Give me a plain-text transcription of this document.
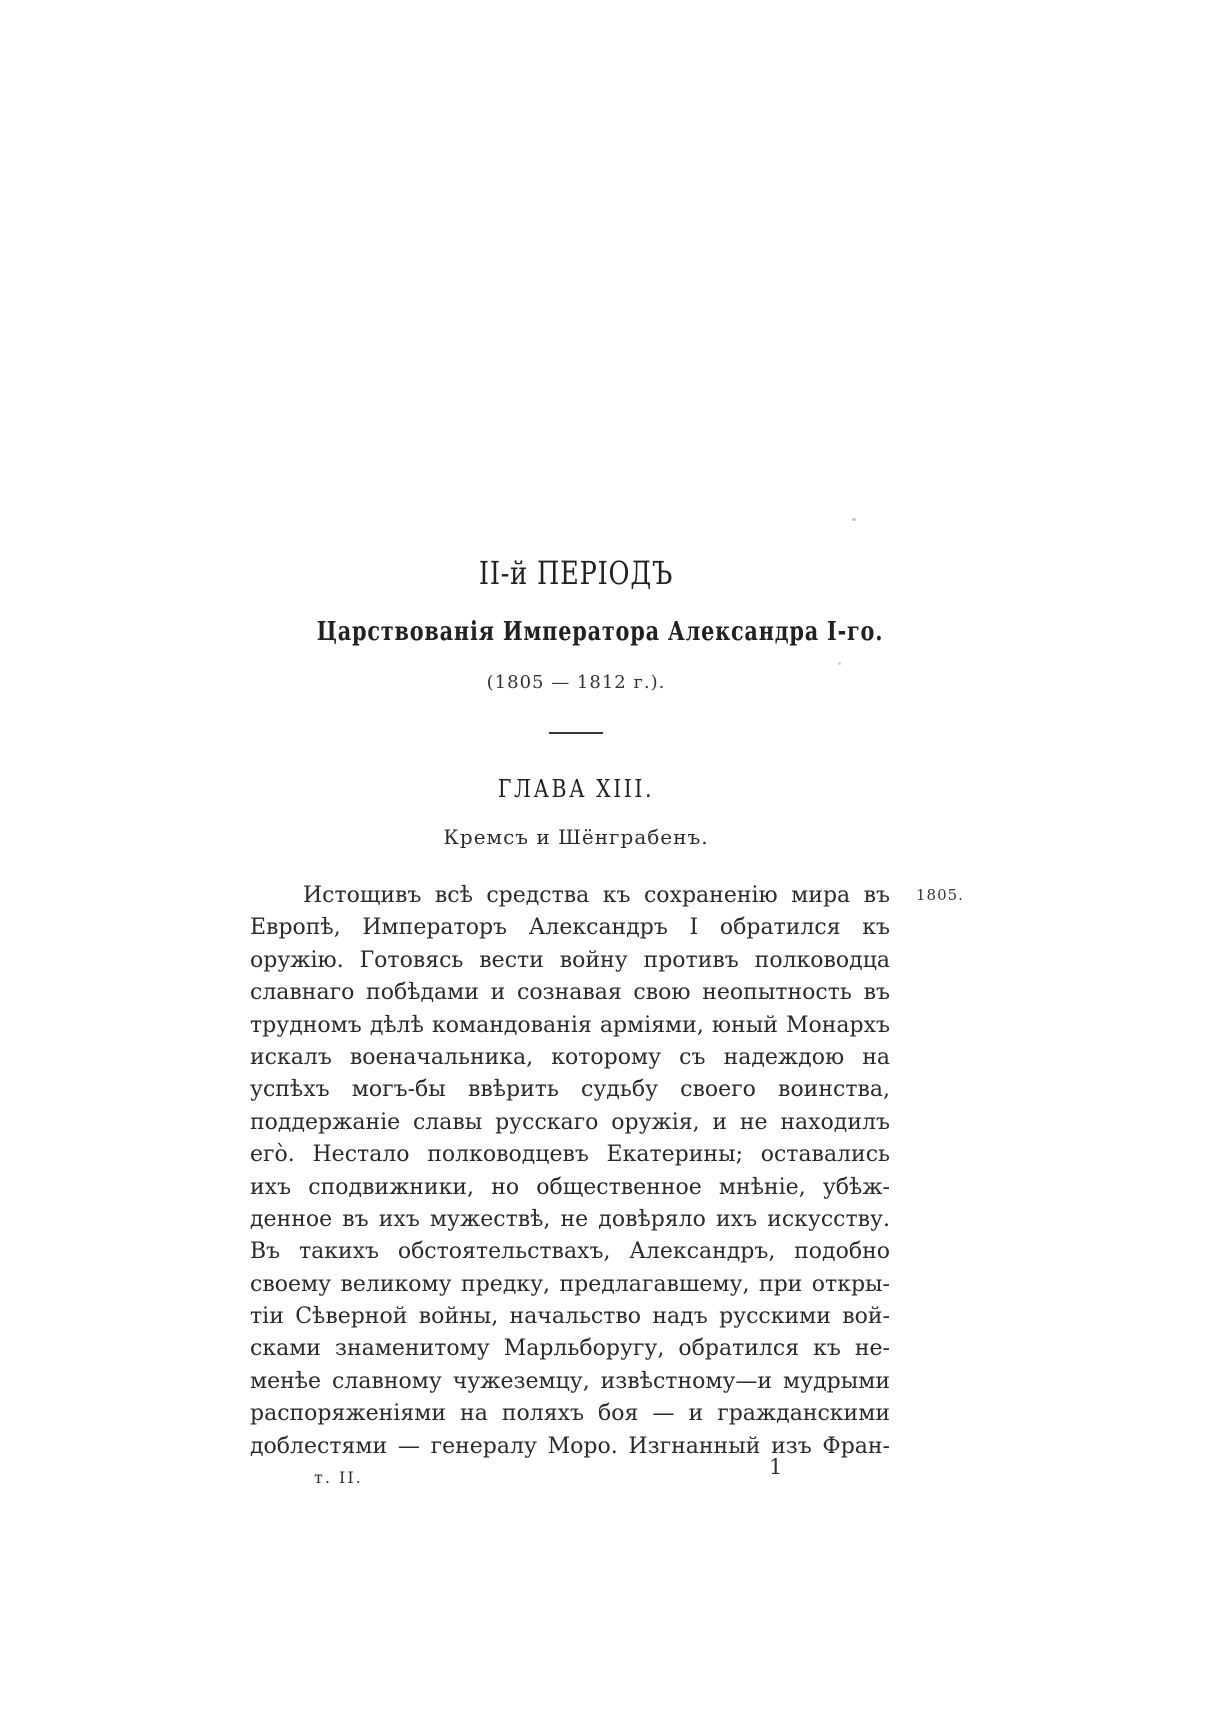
II-й ПЕРІОДЪ
Царствованія Императора Александра I-го.
(1805 — 1812 г.).
ГЛАВА XIII.
Кремсъ и Шёнграбенъ.
1805.
Истощивъ всѣ средства къ сохраненію мира въ
Европѣ, Императоръ Александръ I обратился къ
оружію. Готовясь вести войну противъ полководца
славнаго побѣдами и сознавая свою неопытность въ
трудномъ дѣлѣ командованія арміями, юный Монархъ
искалъ военачальника, которому съ надеждою на
успѣхъ могъ-бы ввѣрить судьбу своего воинства,
поддержаніе славы русскаго оружія, и не находилъ
его̀. Нестало полководцевъ Екатерины; оставались
ихъ сподвижники, но общественное мнѣніе, убѣж-
денное въ ихъ мужествѣ, не довѣряло ихъ искусству.
Въ такихъ обстоятельствахъ, Александръ, подобно
своему великому предку, предлагавшему, при откры-
тіи Сѣверной войны, начальство надъ русскими вой-
сками знаменитому Марльборугу, обратился къ не-
менѣе славному чужеземцу, извѣстному—и мудрыми
распоряженіями на поляхъ боя — и гражданскими
доблестями — генералу Моро. Изгнанный изъ Фран-
т. II.	1
